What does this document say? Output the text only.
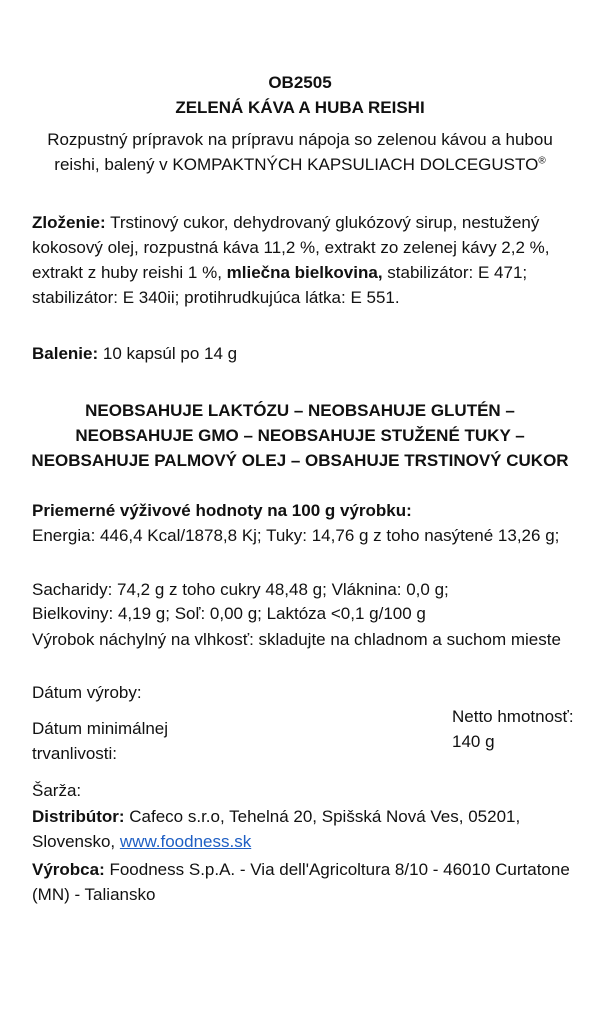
OB2505
ZELENÁ KÁVA A HUBA REISHI
Rozpustný prípravok na prípravu nápoja so zelenou kávou a hubou reishi, balený v KOMPAKTNÝCH KAPSULIACH DOLCEGUSTO®
Zloženie: Trstinový cukor, dehydrovaný glukózový sirup, nestužený kokosový olej, rozpustná káva 11,2 %, extrakt zo zelenej kávy 2,2 %, extrakt z huby reishi 1 %, mliečna bielkovina, stabilizátor: E 471; stabilizátor: E 340ii; protihrudkujúca látka: E 551.
Balenie: 10 kapsúl po 14 g
NEOBSAHUJE LAKTÓZU – NEOBSAHUJE GLUTÉN –
NEOBSAHUJE GMO – NEOBSAHUJE STUŽENÉ TUKY –
NEOBSAHUJE PALMOVÝ OLEJ – OBSAHUJE TRSTINOVÝ CUKOR
Priemerné výživové hodnoty na 100 g výrobku:
Energia: 446,4 Kcal/1878,8 Kj; Tuky: 14,76 g z toho nasýtené 13,26 g;
Sacharidy: 74,2 g z toho cukry 48,48 g; Vláknina: 0,0 g;
Bielkoviny: 4,19 g; Soľ: 0,00 g; Laktóza <0,1 g/100 g
Výrobok náchylný na vlhkosť: skladujte na chladnom a suchom mieste
Dátum výroby:
Dátum minimálnej trvanlivosti:
Netto hmotnosť:
140 g
Šarža:
Distribútor: Cafeco s.r.o, Tehelná 20, Spišská Nová Ves, 05201, Slovensko, www.foodness.sk
Výrobca: Foodness S.p.A. - Via dell'Agricoltura 8/10 - 46010 Curtatone (MN) - Taliansko
